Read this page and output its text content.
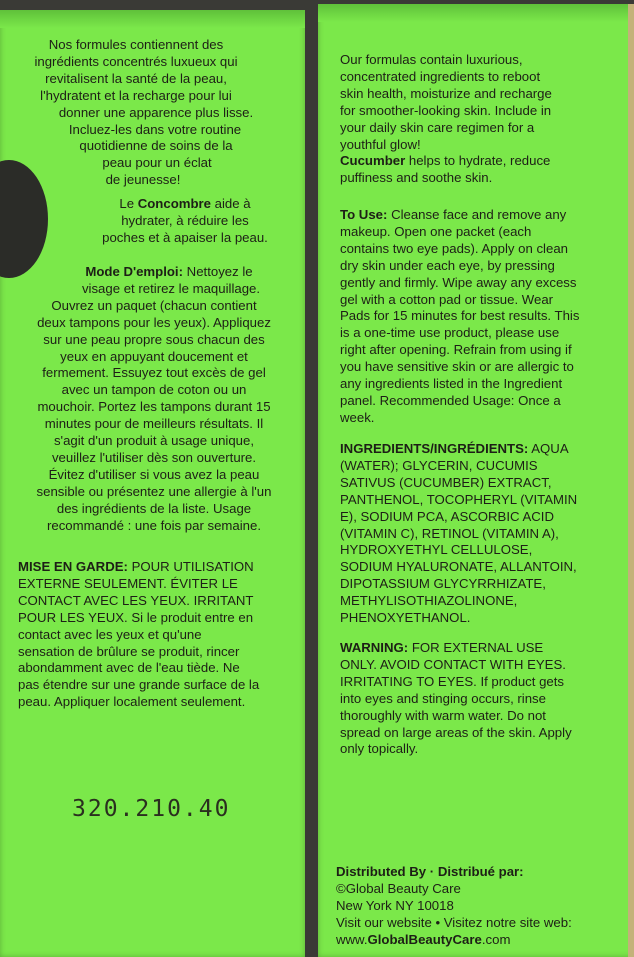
Nos formules contiennent des
ingrédients concentrés luxueux qui
revitalisent la santé de la peau,
l'hydratent et la recharge pour lui
donner une apparence plus lisse.
Incluez-les dans votre routine
quotidienne de soins de la
peau pour un éclat
de jeunesse!
Le Concombre aide à
hydrater, à réduire les
poches et à apaiser la peau.
Mode D'emploi: Nettoyez le
visage et retirez le maquillage.
Ouvrez un paquet (chacun contient
deux tampons pour les yeux). Appliquez
sur une peau propre sous chacun des
yeux en appuyant doucement et
fermement. Essuyez tout excès de gel
avec un tampon de coton ou un
mouchoir. Portez les tampons durant 15
minutes pour de meilleurs résultats. Il
s'agit d'un produit à usage unique,
veuillez l'utiliser dès son ouverture.
Évitez d'utiliser si vous avez la peau
sensible ou présentez une allergie à l'un
des ingrédients de la liste. Usage
recommandé : une fois par semaine.
MISE EN GARDE: POUR UTILISATION
EXTERNE SEULEMENT. ÉVITER LE
CONTACT AVEC LES YEUX. IRRITANT
POUR LES YEUX. Si le produit entre en
contact avec les yeux et qu'une
sensation de brûlure se produit, rincer
abondamment avec de l'eau tiède. Ne
pas étendre sur une grande surface de la
peau. Appliquer localement seulement.
320.210.40
Our formulas contain luxurious,
concentrated ingredients to reboot
skin health, moisturize and recharge
for smoother-looking skin. Include in
your daily skin care regimen for a
youthful glow!
Cucumber helps to hydrate, reduce
puffiness and soothe skin.
To Use: Cleanse face and remove any
makeup. Open one packet (each
contains two eye pads). Apply on clean
dry skin under each eye, by pressing
gently and firmly. Wipe away any excess
gel with a cotton pad or tissue. Wear
Pads for 15 minutes for best results. This
is a one-time use product, please use
right after opening. Refrain from using if
you have sensitive skin or are allergic to
any ingredients listed in the Ingredient
panel. Recommended Usage: Once a
week.
INGREDIENTS/INGRÉDIENTS: AQUA
(WATER); GLYCERIN, CUCUMIS
SATIVUS (CUCUMBER) EXTRACT,
PANTHENOL, TOCOPHERYL (VITAMIN
E), SODIUM PCA, ASCORBIC ACID
(VITAMIN C), RETINOL (VITAMIN A),
HYDROXYETHYL CELLULOSE,
SODIUM HYALURONATE, ALLANTOIN,
DIPOTASSIUM GLYCYRRHIZATE,
METHYLISOTHIAZOLINONE,
PHENOXYETHANOL.
WARNING: FOR EXTERNAL USE
ONLY. AVOID CONTACT WITH EYES.
IRRITATING TO EYES. If product gets
into eyes and stinging occurs, rinse
thoroughly with warm water. Do not
spread on large areas of the skin. Apply
only topically.
Distributed By · Distribué par:
©Global Beauty Care
New York NY 10018
Visit our website • Visitez notre site web:
www.GlobalBeautyCare.com
